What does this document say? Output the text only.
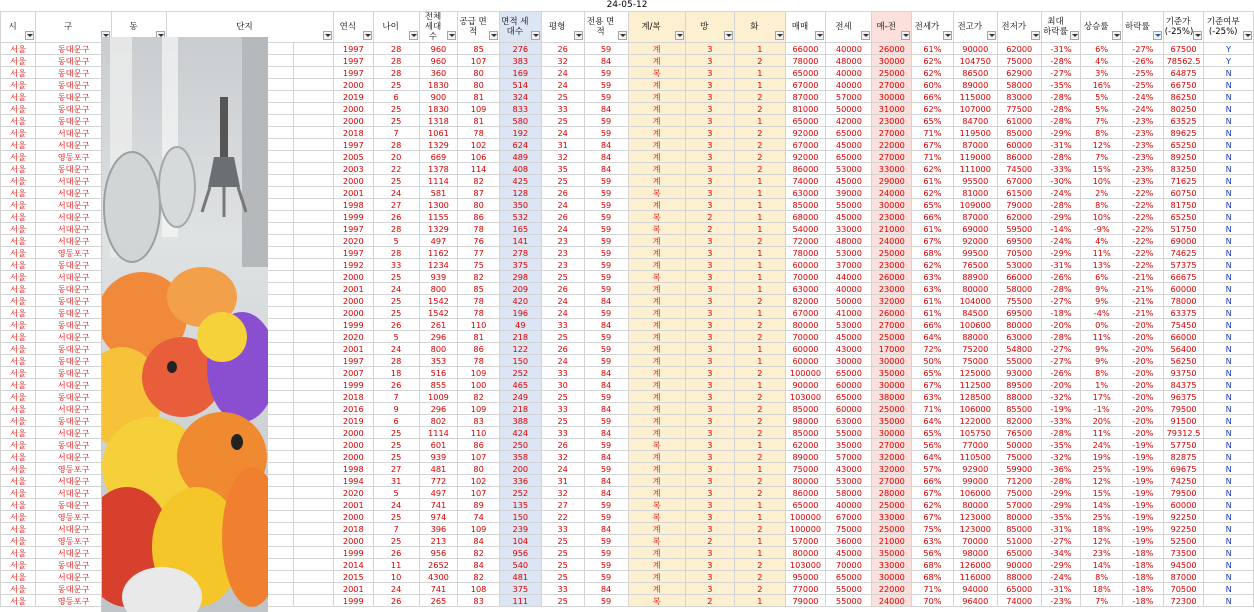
24-05-12
시	구	동	단지		연식	나이	전체 세대수	공급 면적	면적 세대수	평형	전용 면적	계/복	방	화	매매	전세	매-전	전세가	전고가	전저가	최대 하락률	상승률	하락률	기준가 (-25%)	기준여부 (-25%)

서울	동대문구				1997	28	960	85	276	26	59	계	3	1	66000	40000	26000	61%	90000	62000	-31%	6%	-27%	67500	Y
서울	동대문구				1997	28	960	107	383	32	84	계	3	2	78000	48000	30000	62%	104750	75000	-28%	4%	-26%	78562.5	Y
서울	동대문구				1997	28	360	80	169	24	59	복	3	1	65000	40000	25000	62%	86500	62900	-27%	3%	-25%	64875	N
서울	동대문구				2000	25	1830	80	514	24	59	계	3	1	67000	40000	27000	60%	89000	58000	-35%	16%	-25%	66750	N
서울	동대문구				2019	6	900	81	324	25	59	계	3	2	87000	57000	30000	66%	115000	83000	-28%	5%	-24%	86250	N
서울	동대문구				2000	25	1830	109	833	33	84	계	3	2	81000	50000	31000	62%	107000	77500	-28%	5%	-24%	80250	N
서울	동대문구				2000	25	1318	81	580	25	59	계	3	1	65000	42000	23000	65%	84700	61000	-28%	7%	-23%	63525	N
서울	서대문구				2018	7	1061	78	192	24	59	계	3	2	92000	65000	27000	71%	119500	85000	-29%	8%	-23%	89625	N
서울	서대문구				1997	28	1329	102	624	31	84	계	3	2	67000	45000	22000	67%	87000	60000	-31%	12%	-23%	65250	N
서울	영등포구				2005	20	669	106	489	32	84	계	3	2	92000	65000	27000	71%	119000	86000	-28%	7%	-23%	89250	N
서울	동대문구				2003	22	1378	114	408	35	84	계	3	2	86000	53000	33000	62%	111000	74500	-33%	15%	-23%	83250	N
서울	서대문구				2000	25	1114	82	425	25	59	계	3	1	74000	45000	29000	61%	95500	67000	-30%	10%	-23%	71625	N
서울	서대문구				2001	24	581	87	128	26	59	복	3	1	63000	39000	24000	62%	81000	61500	-24%	2%	-22%	60750	N
서울	서대문구				1998	27	1300	80	350	24	59	계	3	1	85000	55000	30000	65%	109000	79000	-28%	8%	-22%	81750	N
서울	서대문구				1999	26	1155	86	532	26	59	복	2	1	68000	45000	23000	66%	87000	62000	-29%	10%	-22%	65250	N
서울	서대문구				1997	28	1329	78	165	24	59	복	2	1	54000	33000	21000	61%	69000	59500	-14%	-9%	-22%	51750	N
서울	서대문구				2020	5	497	76	141	23	59	계	3	2	72000	48000	24000	67%	92000	69500	-24%	4%	-22%	69000	N
서울	영등포구				1997	28	1162	77	278	23	59	계	3	1	78000	53000	25000	68%	99500	70500	-29%	11%	-22%	74625	N
서울	동대문구				1992	33	1234	75	375	23	59	계	3	1	60000	37000	23000	62%	76500	53000	-31%	13%	-22%	57375	N
서울	서대문구				2000	25	939	82	298	25	59	복	3	1	70000	44000	26000	63%	88900	66000	-26%	6%	-21%	66675	N
서울	동대문구				2001	24	800	85	209	26	59	계	3	1	63000	40000	23000	63%	80000	58000	-28%	9%	-21%	60000	N
서울	동대문구				2000	25	1542	78	420	24	84	계	3	2	82000	50000	32000	61%	104000	75500	-27%	9%	-21%	78000	N
서울	동대문구				2000	25	1542	78	196	24	59	계	3	1	67000	41000	26000	61%	84500	69500	-18%	-4%	-21%	63375	N
서울	동대문구				1999	26	261	110	49	33	84	계	3	2	80000	53000	27000	66%	100600	80000	-20%	0%	-20%	75450	N
서울	서대문구				2020	5	296	81	218	25	59	계	3	2	70000	45000	25000	64%	88000	63000	-28%	11%	-20%	66000	N
서울	동대문구				2001	24	800	86	122	26	59	계	3	1	60000	43000	17000	72%	75200	54800	-27%	9%	-20%	56400	N
서울	동대문구				1997	28	353	78	150	24	59	계	3	1	60000	30000	30000	50%	75000	55000	-27%	9%	-20%	56250	N
서울	동대문구				2007	18	516	109	252	33	84	계	3	2	100000	65000	35000	65%	125000	93000	-26%	8%	-20%	93750	N
서울	서대문구				1999	26	855	100	465	30	84	계	3	1	90000	60000	30000	67%	112500	89500	-20%	1%	-20%	84375	N
서울	동대문구				2018	7	1009	82	249	25	59	계	3	2	103000	65000	38000	63%	128500	88000	-32%	17%	-20%	96375	N
서울	서대문구				2016	9	296	109	218	33	84	계	3	2	85000	60000	25000	71%	106000	85500	-19%	-1%	-20%	79500	N
서울	동대문구				2019	6	802	83	388	25	59	계	3	2	98000	63000	35000	64%	122000	82000	-33%	20%	-20%	91500	N
서울	서대문구				2000	25	1114	110	424	33	84	계	3	2	85000	55000	30000	65%	105750	76500	-28%	11%	-20%	79312.5	N
서울	동대문구				2000	25	601	86	250	26	59	복	3	1	62000	35000	27000	56%	77000	50000	-35%	24%	-19%	57750	N
서울	서대문구				2000	25	939	107	358	32	84	계	3	2	89000	57000	32000	64%	110500	75000	-32%	19%	-19%	82875	N
서울	영등포구				1998	27	481	80	200	24	59	계	3	1	75000	43000	32000	57%	92900	59900	-36%	25%	-19%	69675	N
서울	서대문구				1994	31	772	102	336	31	84	계	3	2	80000	53000	27000	66%	99000	71200	-28%	12%	-19%	74250	N
서울	서대문구				2020	5	497	107	252	32	84	계	3	2	86000	58000	28000	67%	106000	75000	-29%	15%	-19%	79500	N
서울	동대문구				2001	24	741	89	135	27	59	복	3	1	65000	40000	25000	62%	80000	57000	-29%	14%	-19%	60000	N
서울	영등포구				2000	25	974	74	150	22	59	복	3	1	100000	67000	33000	67%	123000	80000	-35%	25%	-19%	92250	N
서울	서대문구				2018	7	396	109	239	33	84	계	3	2	100000	75000	25000	75%	123000	85000	-31%	18%	-19%	92250	N
서울	영등포구				2000	25	213	84	104	25	59	복	2	1	57000	36000	21000	63%	70000	51000	-27%	12%	-19%	52500	N
서울	서대문구				1999	26	956	82	956	25	59	계	3	1	80000	45000	35000	56%	98000	65000	-34%	23%	-18%	73500	N
서울	동대문구				2014	11	2652	84	540	25	59	계	3	2	103000	70000	33000	68%	126000	90000	-29%	14%	-18%	94500	N
서울	서대문구				2015	10	4300	82	481	25	59	계	3	2	95000	65000	30000	68%	116000	88000	-24%	8%	-18%	87000	N
서울	동대문구				2001	24	741	108	375	33	84	계	3	2	77000	55000	22000	71%	94000	65000	-31%	18%	-18%	70500	N
서울	영등포구				1999	26	265	83	111	25	59	복	2	1	79000	55000	24000	70%	96400	74000	-23%	7%	-18%	72300	N
